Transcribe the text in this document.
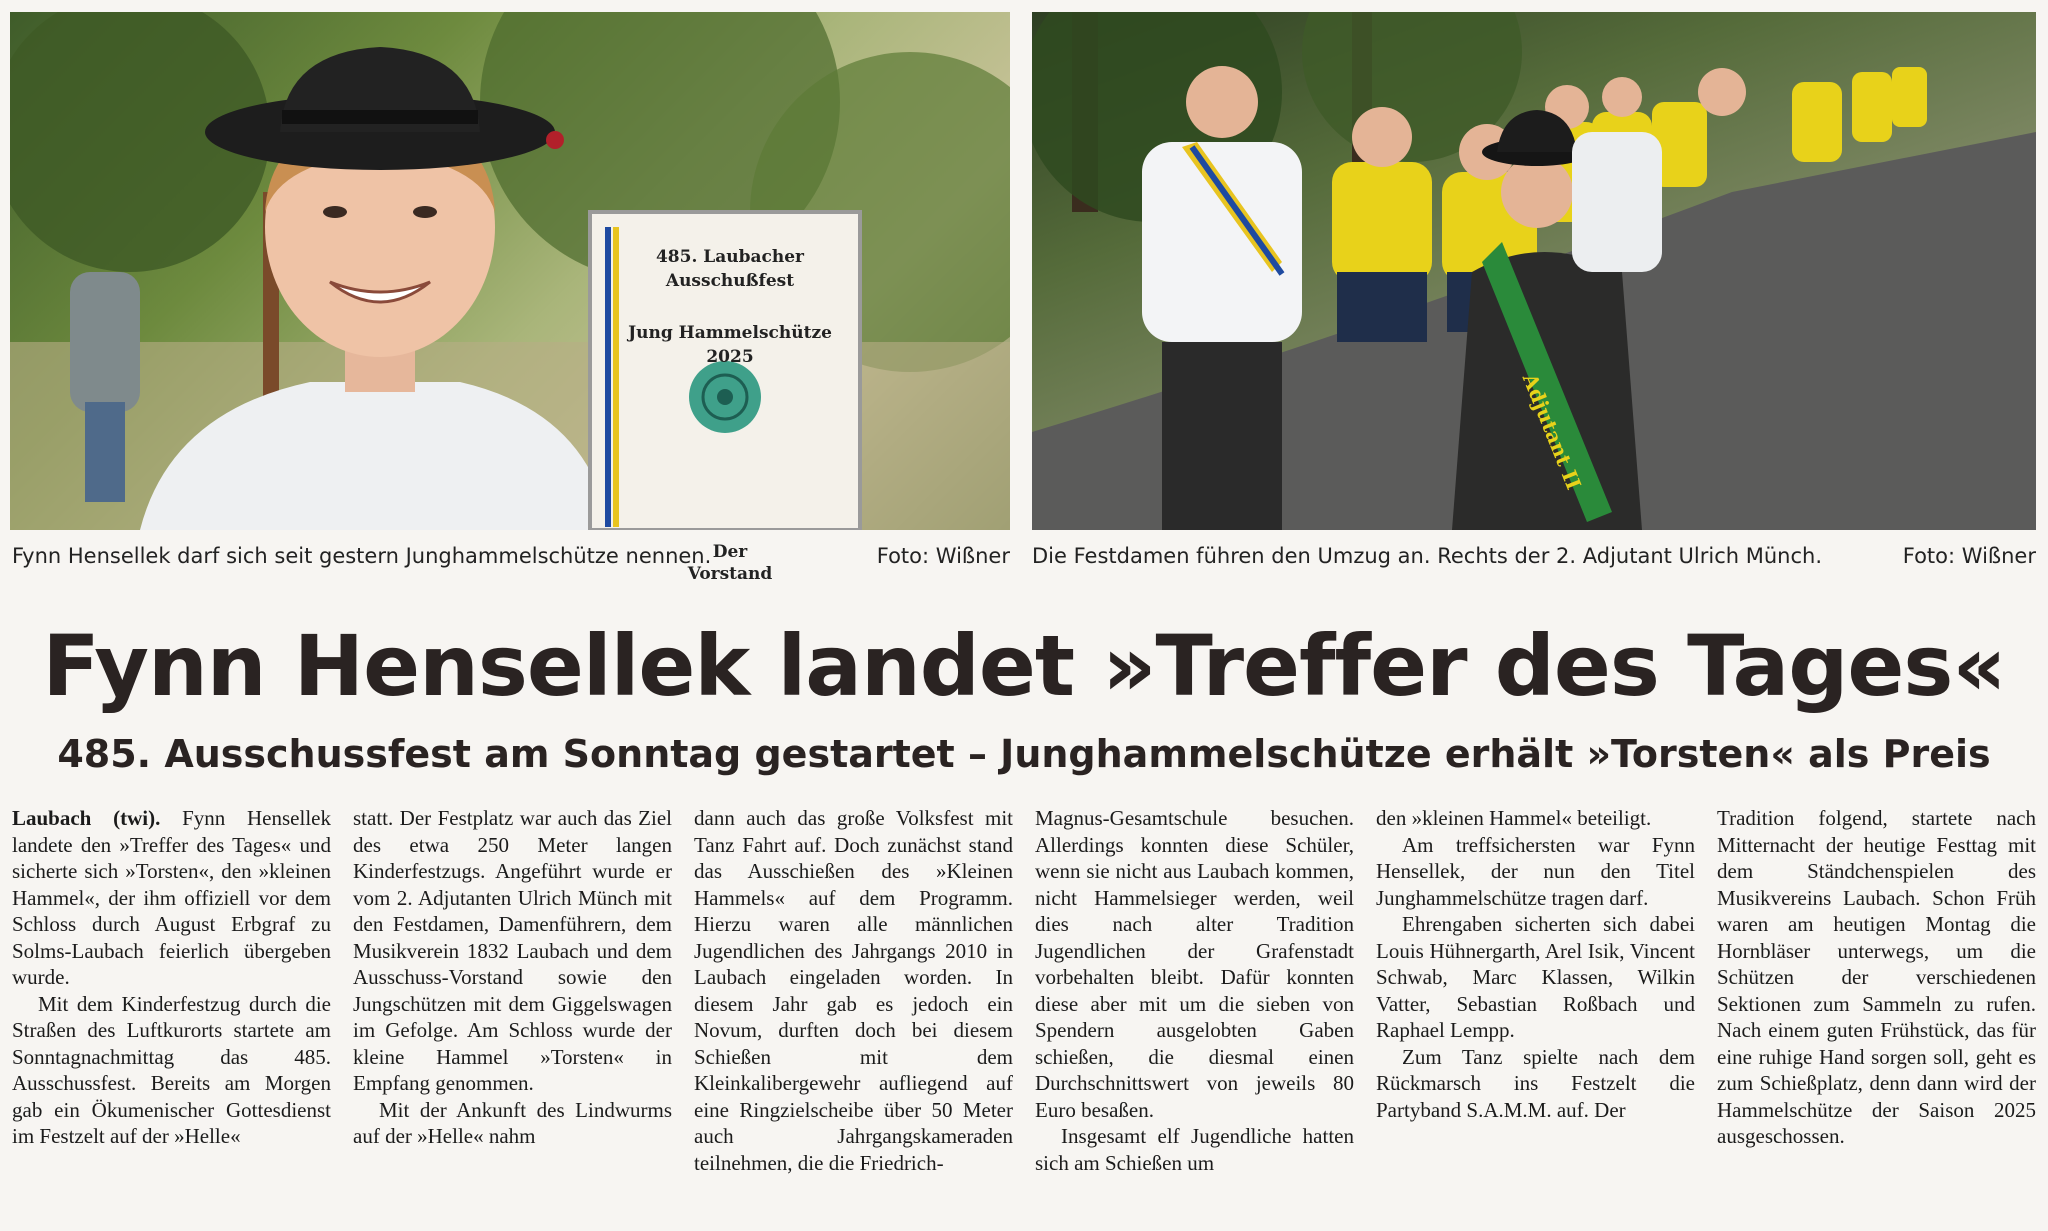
485. Laubacher Ausschußfest
Jung Hammelschütze 2025
Der
Vorstand
Fynn Hensellek darf sich seit gestern Junghammelschütze nennen.	Foto: Wißner Die Festdamen führen den Umzug an. Rechts der 2. Adjutant Ulrich Münch.	Foto: Wißner
Fynn Hensellek landet »Treffer des Tages«
485. Ausschussfest am Sonntag gestartet – Junghammelschütze erhält »Torsten« als Preis

Laubach (twi). Fynn Hensellek landete den »Treffer des Tages« und sicherte sich »Torsten«, den »kleinen Hammel«, der ihm offiziell vor dem Schloss durch August Erbgraf zu Solms-Laubach feierlich übergeben wurde.

Mit dem Kinderfestzug durch die Straßen des Luftkurorts startete am Sonntagnachmittag das 485. Ausschussfest. Bereits am Morgen gab ein Ökumenischer Gottesdienst im Festzelt auf der »Helle«

statt. Der Festplatz war auch das Ziel des etwa 250 Meter langen Kinderfestzugs. Angeführt wurde er vom 2. Adjutanten Ulrich Münch mit den Festdamen, Damenführern, dem Musikverein 1832 Laubach und dem Ausschuss-Vorstand sowie den Jungschützen mit dem Giggelswagen im Gefolge. Am Schloss wurde der kleine Hammel »Torsten« in Empfang genommen.

Mit der Ankunft des Lindwurms auf der »Helle« nahm

dann auch das große Volksfest mit Tanz Fahrt auf. Doch zunächst stand das Ausschießen des »Kleinen Hammels« auf dem Programm. Hierzu waren alle männlichen Jugendlichen des Jahrgangs 2010 in Laubach eingeladen worden. In diesem Jahr gab es jedoch ein Novum, durften doch bei diesem Schießen mit dem Kleinkalibergewehr aufliegend auf eine Ringzielscheibe über 50 Meter auch Jahrgangskameraden teilnehmen, die die Friedrich-

Magnus-Gesamtschule besuchen. Allerdings konnten diese Schüler, wenn sie nicht aus Laubach kommen, nicht Hammelsieger werden, weil dies nach alter Tradition Jugendlichen der Grafenstadt vorbehalten bleibt. Dafür konnten diese aber mit um die sieben von Spendern ausgelobten Gaben schießen, die diesmal einen Durchschnittswert von jeweils 80 Euro besaßen.

Insgesamt elf Jugendliche hatten sich am Schießen um

den »kleinen Hammel« beteiligt.

Am treffsichersten war Fynn Hensellek, der nun den Titel Junghammelschütze tragen darf.

Ehrengaben sicherten sich dabei Louis Hühnergarth, Arel Isik, Vincent Schwab, Marc Klassen, Wilkin Vatter, Sebastian Roßbach und Raphael Lempp.

Zum Tanz spielte nach dem Rückmarsch ins Festzelt die Partyband S.A.M.M. auf. Der

Tradition folgend, startete nach Mitternacht der heutige Festtag mit dem Ständchenspielen des Musikvereins Laubach. Schon Früh waren am heutigen Montag die Hornbläser unterwegs, um die Schützen der verschiedenen Sektionen zum Sammeln zu rufen. Nach einem guten Frühstück, das für eine ruhige Hand sorgen soll, geht es zum Schießplatz, denn dann wird der Hammelschütze der Saison 2025 ausgeschossen.

Adjutant II
